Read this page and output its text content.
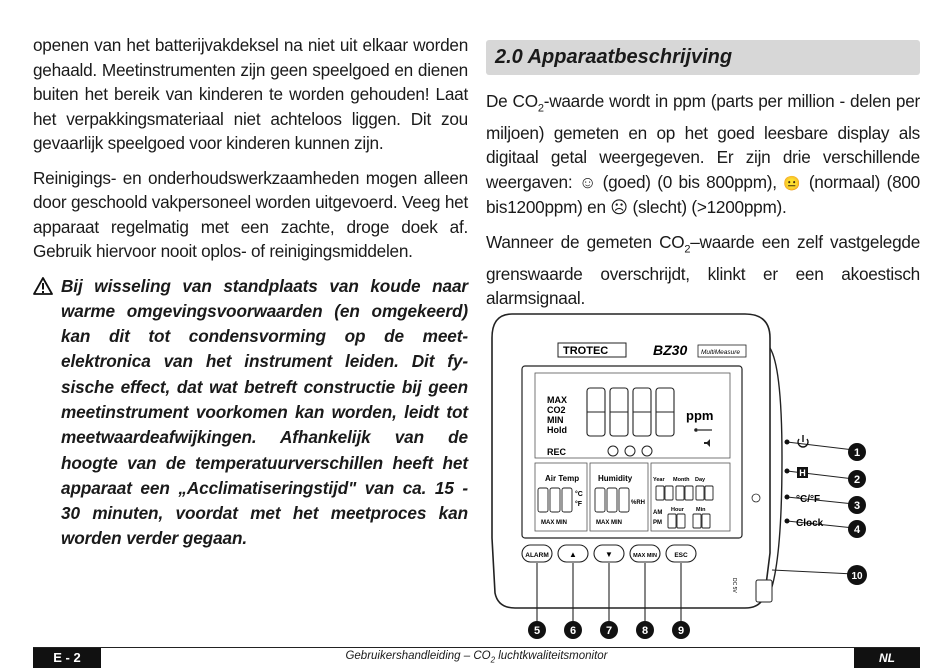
openen van het batterijvakdeksel na niet uit elkaar worden gehaald. Meetinstrumenten zijn geen speelgoed en dienen buiten het bereik van kinderen te worden gehouden! Laat het verpakkingsmateriaal niet achteloos liggen. Dit zou gevaarlijk speelgoed voor kinderen kunnen zijn.

Reinigings- en onderhoudswerkzaamheden mogen alleen door geschoold vakpersoneel worden uitgevoerd. Veeg het apparaat regelmatig met een zachte, droge doek af. Gebruik hiervoor nooit oplos- of reinigingsmiddelen.

Bij wisseling van standplaats van koude naar warme omgevingsvoorwaarden (en omgekeerd) kan dit tot condensvorming op de meet-elektronica van het instrument leiden. Dit fy-sische effect, dat wat betreft constructie bij geen meetinstrument voorkomen kan worden, leidt tot meetwaardeafwijkingen. Afhankelijk van de hoogte van de temperatuurverschillen heeft het apparaat een „Acclimatiseringstijd" van ca. 15 - 30 minuten, voordat met het meetproces kan worden verder gegaan.
2.0 Apparaatbeschrijving

De $CO_2$-waarde wordt in ppm (parts per million - delen per miljoen) gemeten en op het goed leesbare display als digitaal getal weergegeven. Er zijn drie verschillende weergaven: ☺ (goed) (0 bis 800ppm), 😐 (normaal) (800 bis1200ppm) en ☹ (slecht) (>1200ppm).

Wanneer de gemeten $CO_2$–waarde een zelf vastgelegde grenswaarde overschrijdt, klinkt er een akoestisch alarmsignaal.

TROTEC	BZ30 MultiMeasure
MAX
CO2
MIN
Hold
REC
ppm
Air Temp Humidity	Year Month Day
°C
°F	%RH
MAX MIN	MAX MIN
AM
PM
Hour Min
ALARM	▲	▼	MAX MIN	ESC
DC 5V
H
°C/°F
Clock
1
2
3
4
5	6	7	8	9
10
E - 2	Gebruikershandleiding – $CO_2$ luchtkwaliteitsmonitor	NL
